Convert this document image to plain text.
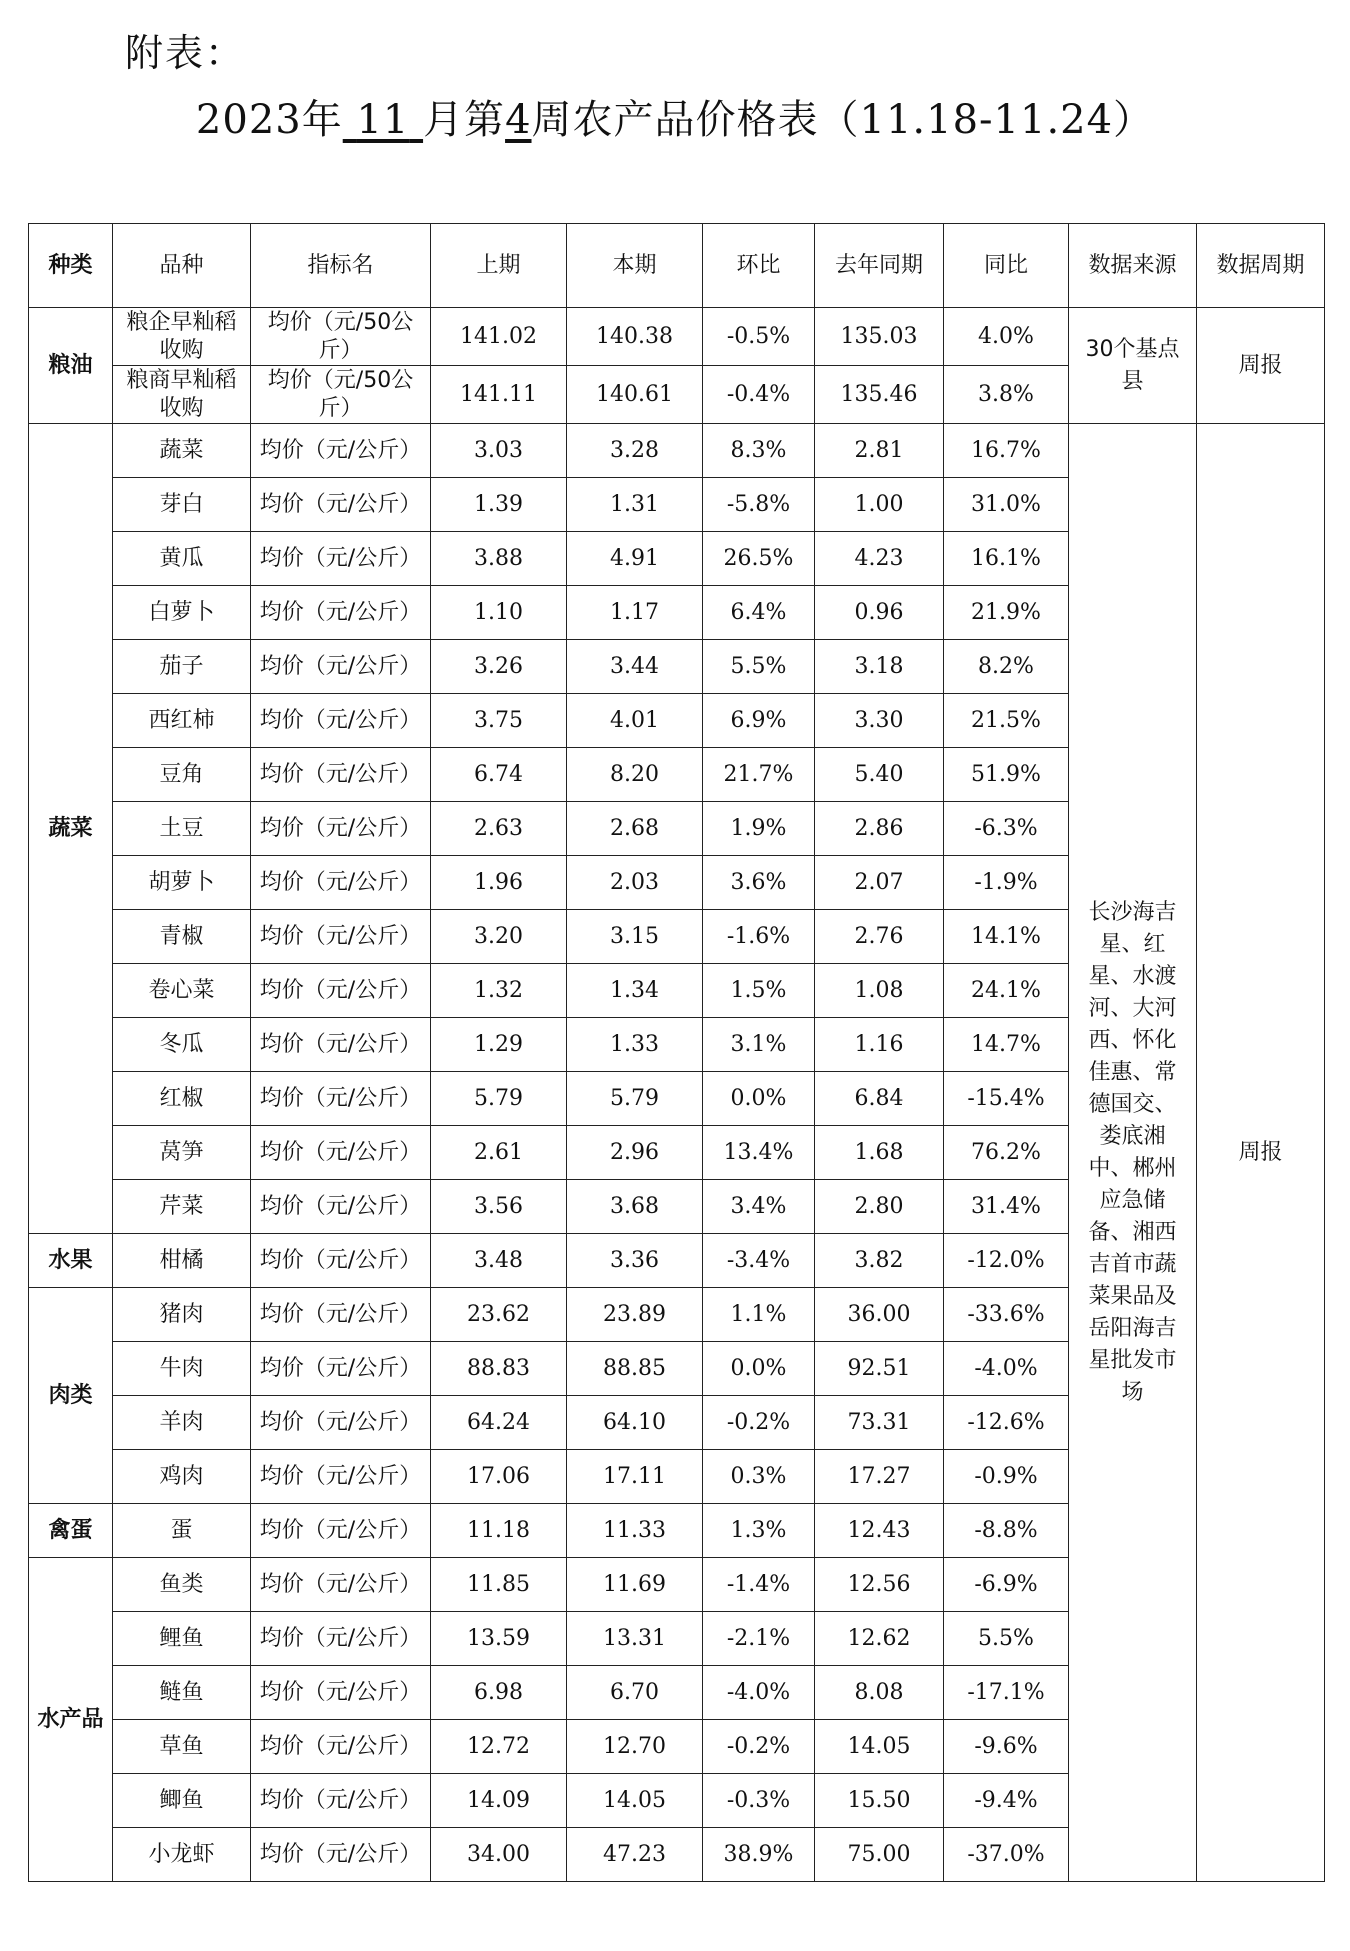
附表：
2023年 11 月第4周农产品价格表（11.18-11.24）
种类	品种	指标名	上期	本期	环比	去年同期	同比	数据来源	数据周期
粮油	粮企早籼稻收购	均价（元/50公斤）	141.02	140.38	-0.5%	135.03	4.0%	30个基点县	周报
	粮商早籼稻收购	均价（元/50公斤）	141.11	140.61	-0.4%	135.46	3.8%		
蔬菜	蔬菜	均价（元/公斤）	3.03	3.28	8.3%	2.81	16.7%	长沙海吉星、红星、水渡河、大河西、怀化佳惠、常德国交、娄底湘中、郴州应急储备、湘西吉首市蔬菜果品及岳阳海吉星批发市场	周报
	芽白	均价（元/公斤）	1.39	1.31	-5.8%	1.00	31.0%		
	黄瓜	均价（元/公斤）	3.88	4.91	26.5%	4.23	16.1%		
	白萝卜	均价（元/公斤）	1.10	1.17	6.4%	0.96	21.9%		
	茄子	均价（元/公斤）	3.26	3.44	5.5%	3.18	8.2%		
	西红柿	均价（元/公斤）	3.75	4.01	6.9%	3.30	21.5%		
	豆角	均价（元/公斤）	6.74	8.20	21.7%	5.40	51.9%		
	土豆	均价（元/公斤）	2.63	2.68	1.9%	2.86	-6.3%		
	胡萝卜	均价（元/公斤）	1.96	2.03	3.6%	2.07	-1.9%		
	青椒	均价（元/公斤）	3.20	3.15	-1.6%	2.76	14.1%		
	卷心菜	均价（元/公斤）	1.32	1.34	1.5%	1.08	24.1%		
	冬瓜	均价（元/公斤）	1.29	1.33	3.1%	1.16	14.7%		
	红椒	均价（元/公斤）	5.79	5.79	0.0%	6.84	-15.4%		
	莴笋	均价（元/公斤）	2.61	2.96	13.4%	1.68	76.2%		
	芹菜	均价（元/公斤）	3.56	3.68	3.4%	2.80	31.4%		
水果	柑橘	均价（元/公斤）	3.48	3.36	-3.4%	3.82	-12.0%		
肉类	猪肉	均价（元/公斤）	23.62	23.89	1.1%	36.00	-33.6%		
	牛肉	均价（元/公斤）	88.83	88.85	0.0%	92.51	-4.0%		
	羊肉	均价（元/公斤）	64.24	64.10	-0.2%	73.31	-12.6%		
	鸡肉	均价（元/公斤）	17.06	17.11	0.3%	17.27	-0.9%		
禽蛋	蛋	均价（元/公斤）	11.18	11.33	1.3%	12.43	-8.8%		
水产品	鱼类	均价（元/公斤）	11.85	11.69	-1.4%	12.56	-6.9%		
	鲤鱼	均价（元/公斤）	13.59	13.31	-2.1%	12.62	5.5%		
	鲢鱼	均价（元/公斤）	6.98	6.70	-4.0%	8.08	-17.1%		
	草鱼	均价（元/公斤）	12.72	12.70	-0.2%	14.05	-9.6%		
	鲫鱼	均价（元/公斤）	14.09	14.05	-0.3%	15.50	-9.4%		
	小龙虾	均价（元/公斤）	34.00	47.23	38.9%	75.00	-37.0%		
